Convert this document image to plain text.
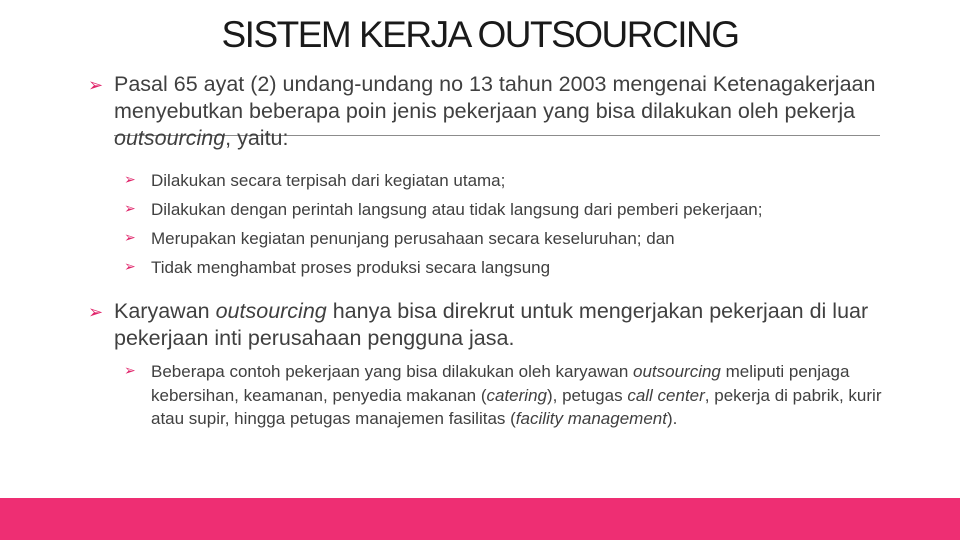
SISTEM KERJA OUTSOURCING
➢ Pasal 65 ayat (2) undang-undang no 13 tahun 2003 mengenai Ketenagakerjaan menyebutkan beberapa poin jenis pekerjaan yang bisa dilakukan oleh pekerja outsourcing, yaitu:
➢ Dilakukan secara terpisah dari kegiatan utama;
➢ Dilakukan dengan perintah langsung atau tidak langsung dari pemberi pekerjaan;
➢ Merupakan kegiatan penunjang perusahaan secara keseluruhan; dan
➢ Tidak menghambat proses produksi secara langsung
➢ Karyawan outsourcing hanya bisa direkrut untuk mengerjakan pekerjaan di luar pekerjaan inti perusahaan pengguna jasa.
➢ Beberapa contoh pekerjaan yang bisa dilakukan oleh karyawan outsourcing meliputi penjaga kebersihan, keamanan, penyedia makanan (catering), petugas call center, pekerja di pabrik, kurir atau supir, hingga petugas manajemen fasilitas (facility management).
